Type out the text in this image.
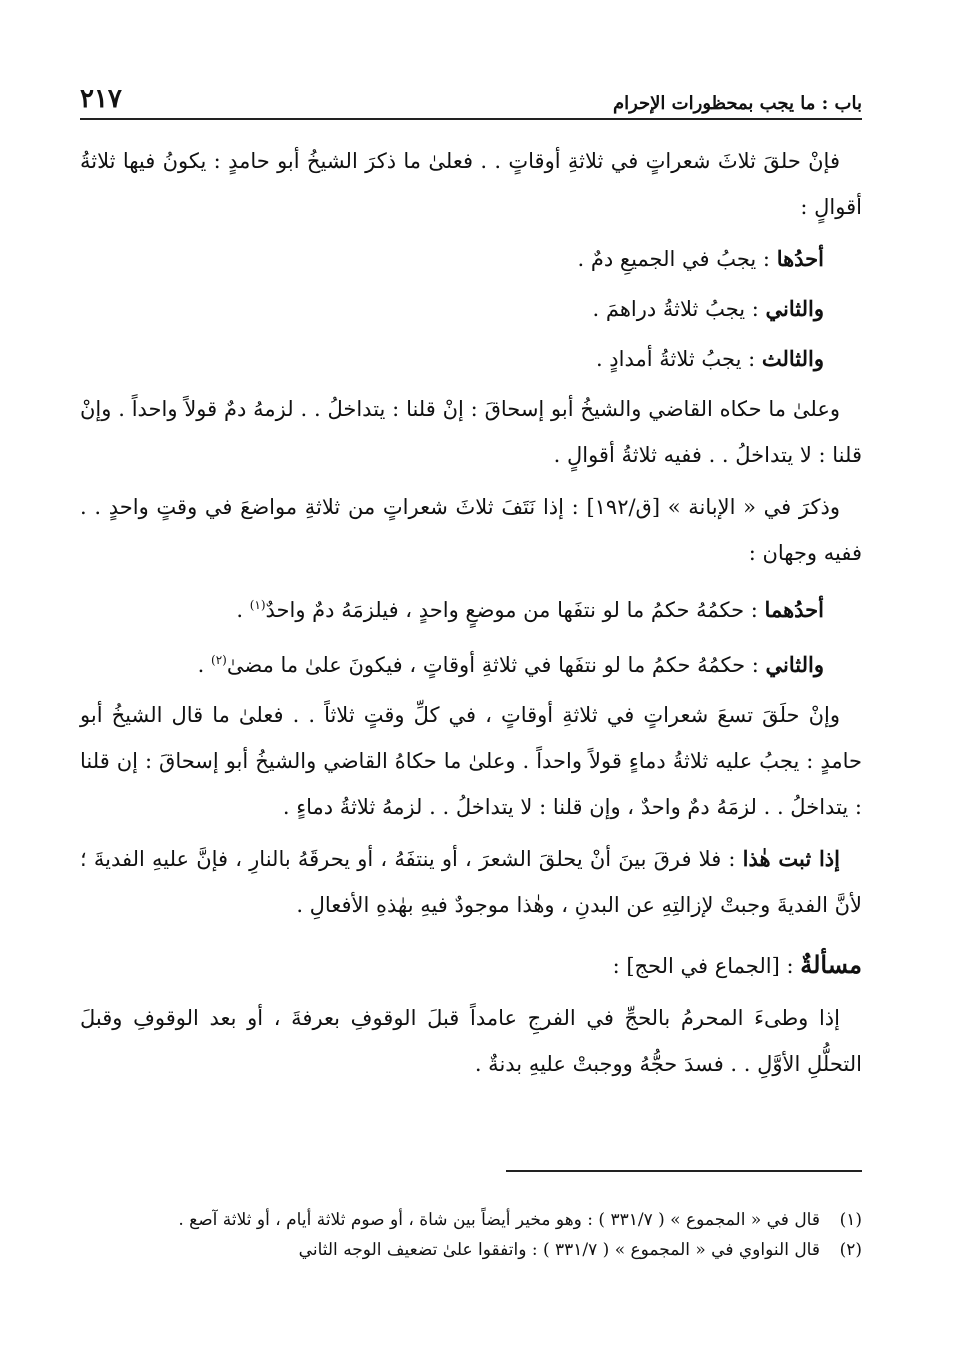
باب : ما يجب بمحظورات الإحرام
٢١٧

فإنْ حلقَ ثلاثَ شعراتٍ في ثلاثةِ أوقاتٍ . . فعلىٰ ما ذكرَ الشيخُ أبو حامدٍ : يكونُ فيها ثلاثةُ أقوالٍ :

أحدُها : يجبُ في الجميعِ دمٌ .

والثاني : يجبُ ثلاثةُ دراهمَ .

والثالث : يجبُ ثلاثةُ أمدادٍ .

وعلىٰ ما حكاه القاضي والشيخُ أبو إسحاقَ : إنْ قلنا : يتداخلُ . . لزمهُ دمٌ قولاً واحداً . وإنْ قلنا : لا يتداخلُ . . ففيه ثلاثةُ أقوالٍ .

وذكرَ في « الإبانة » [ق/١٩٢] : إذا نَتَفَ ثلاثَ شعراتٍ من ثلاثةِ مواضعَ في وقتٍ واحدٍ . . ففيه وجهان :

أحدُهما : حكمُهُ حكمُ ما لو نتفَها من موضعٍ واحدٍ ، فيلزمَهُ دمٌ واحدٌ$^{(١)}$ .

والثاني : حكمُهُ حكمُ ما لو نتفَها في ثلاثةِ أوقاتٍ ، فيكونَ علىٰ ما مضىٰ$^{(٢)}$ .

وإنْ حلَقَ تسعَ شعراتٍ في ثلاثةِ أوقاتٍ ، في كلِّ وقتٍ ثلاثاً . . فعلىٰ ما قال الشيخُ أبو حامدٍ : يجبُ عليه ثلاثةُ دماءٍ قولاً واحداً . وعلىٰ ما حكاهُ القاضي والشيخُ أبو إسحاقَ : إن قلنا : يتداخلُ . . لزمَهُ دمٌ واحدٌ ، وإن قلنا : لا يتداخلُ . . لزمهُ ثلاثةُ دماءٍ .

إذا ثبت هٰذا : فلا فرقَ بينَ أنْ يحلقَ الشعرَ ، أو ينتفَهُ ، أو يحرقَهُ بالنارِ ، فإنَّ عليهِ الفديةَ ؛ لأنَّ الفديةَ وجبتْ لإزالتِهِ عن البدنِ ، وهٰذا موجودٌ فيهِ بهٰذهِ الأفعالِ .

مسألةٌ : [الجماع في الحج] :

إذا وطىءَ المحرمُ بالحجِّ في الفرجِ عامداً قبلَ الوقوفِ بعرفةَ ، أو بعد الوقوفِ وقبلَ التحلُّلِ الأوَّلِ . . فسدَ حجُّهُ ووجبتْ عليهِ بدنةٌ .

(١)
قال في « المجموع » ( ٣٣١/٧ ) : وهو مخير أيضاً بين شاة ، أو صوم ثلاثة أيام ، أو ثلاثة آصع .
(٢)
قال النواوي في « المجموع » ( ٣٣١/٧ ) : واتفقوا علىٰ تضعيف الوجه الثاني
